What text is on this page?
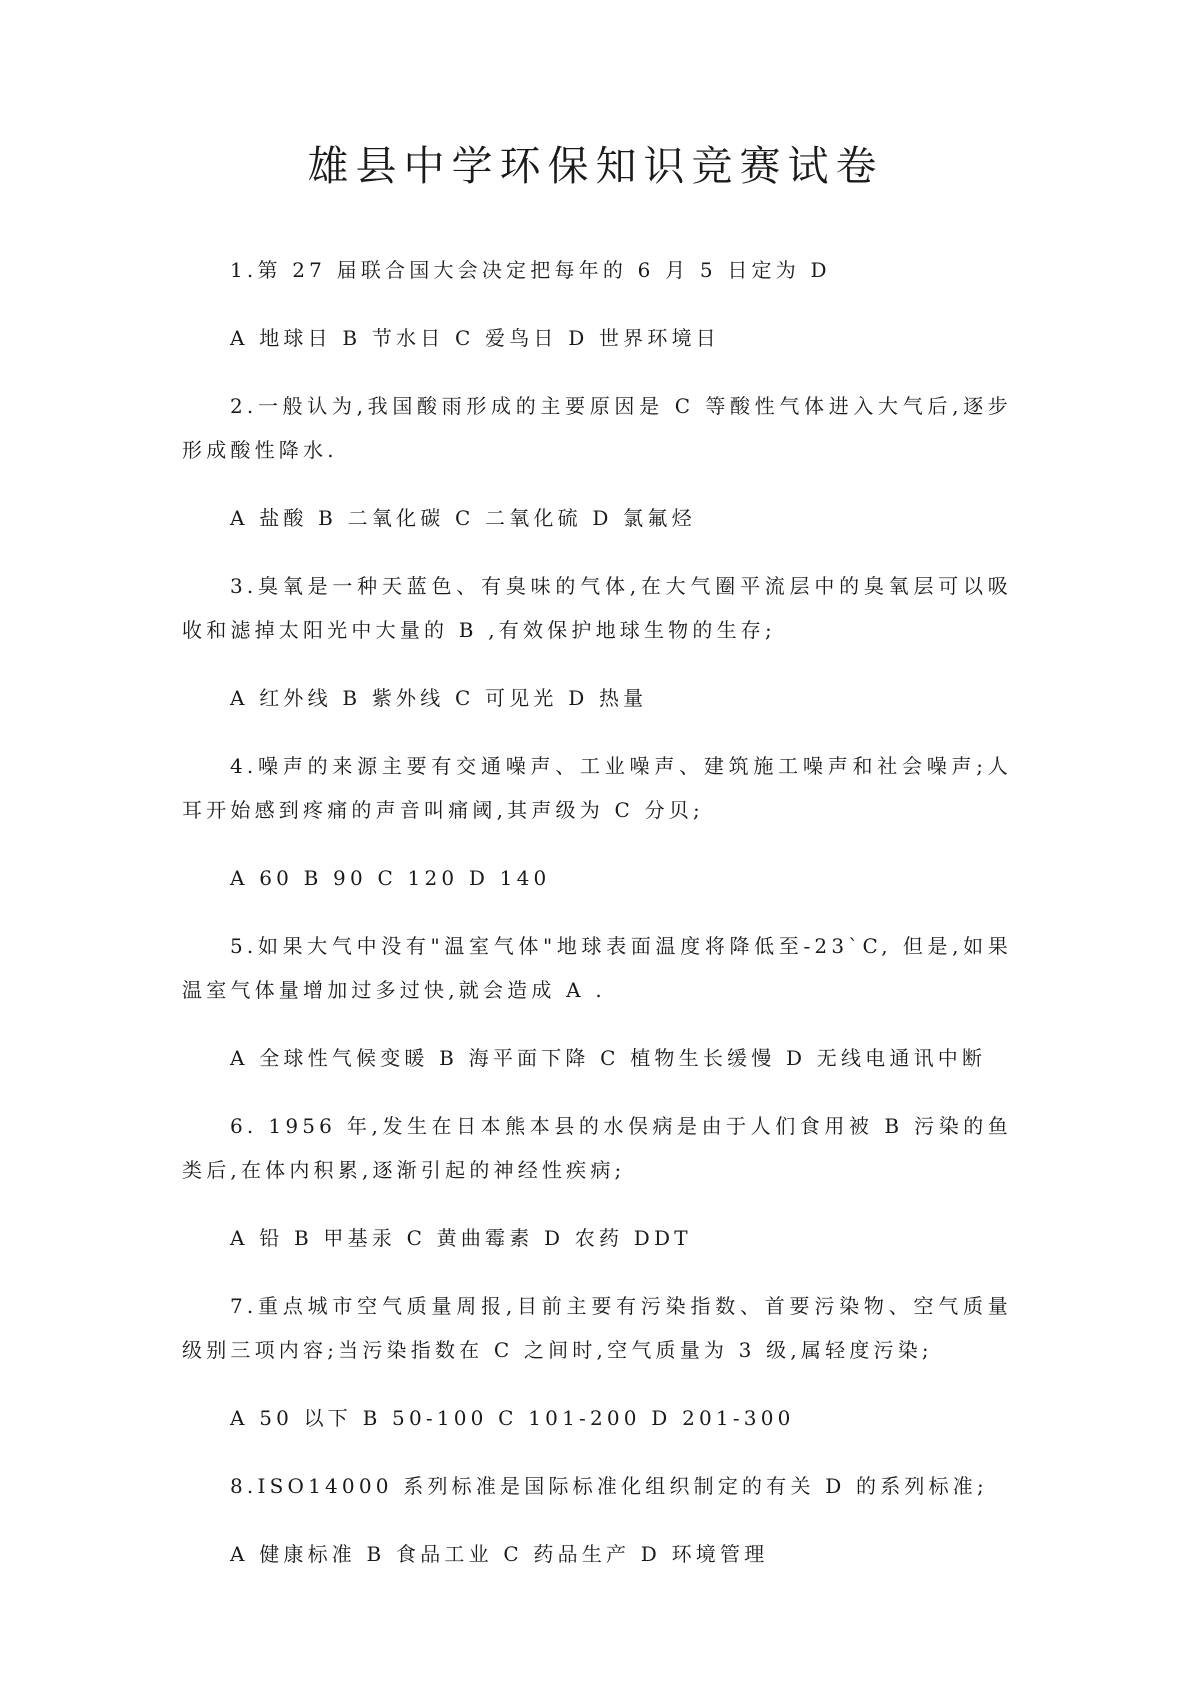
雄县中学环保知识竞赛试卷

1.第 27 届联合国大会决定把每年的 6 月 5 日定为 D

A 地球日 B 节水日 C 爱鸟日 D 世界环境日

2.一般认为,我国酸雨形成的主要原因是 C 等酸性气体进入大气后,逐步形成酸性降水.

A 盐酸 B 二氧化碳 C 二氧化硫 D 氯氟烃

3.臭氧是一种天蓝色、有臭味的气体,在大气圈平流层中的臭氧层可以吸收和滤掉太阳光中大量的 B ,有效保护地球生物的生存;

A 红外线 B 紫外线 C 可见光 D 热量

4.噪声的来源主要有交通噪声、工业噪声、建筑施工噪声和社会噪声;人耳开始感到疼痛的声音叫痛阈,其声级为 C 分贝;

A 60 B 90 C 120 D 140

5.如果大气中没有"温室气体"地球表面温度将降低至-23`C, 但是,如果温室气体量增加过多过快,就会造成 A .

A 全球性气候变暖 B 海平面下降 C 植物生长缓慢 D 无线电通讯中断

6. 1956 年,发生在日本熊本县的水俣病是由于人们食用被 B 污染的鱼类后,在体内积累,逐渐引起的神经性疾病;

A 铅 B 甲基汞 C 黄曲霉素 D 农药 DDT

7.重点城市空气质量周报,目前主要有污染指数、首要污染物、空气质量级别三项内容;当污染指数在 C 之间时,空气质量为 3 级,属轻度污染;

A 50 以下 B 50-100 C 101-200 D 201-300

8.ISO14000 系列标准是国际标准化组织制定的有关 D 的系列标准;

A 健康标准 B 食品工业 C 药品生产 D 环境管理
